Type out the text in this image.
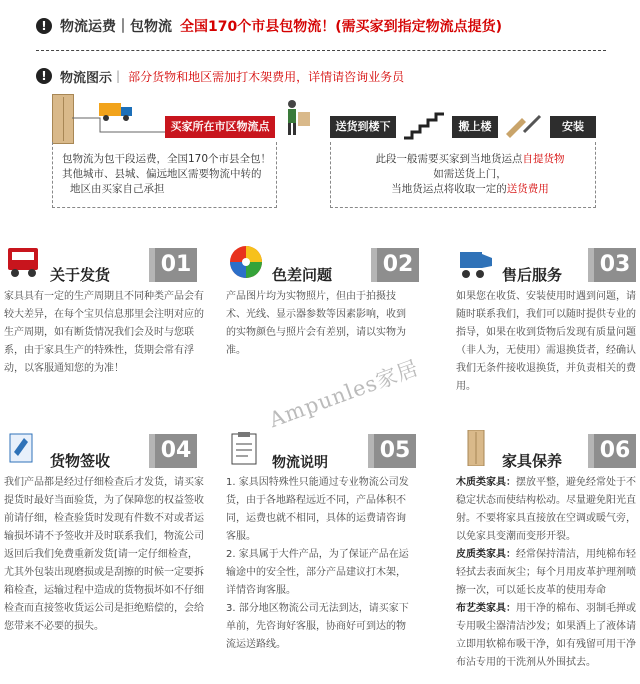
! 物流运费｜包物流 全国170个市县包物流！(需买家到指定物流点提货)
!	物流图示 | 部分货物和地区需加打木架费用，详情请咨询业务员
买家所在市区物流点	送货到楼下	搬上楼	安装
包物流为包干段运费，全国170个市县全包！
其他城市、县城、偏远地区需要物流中转的
地区由买家自己承担
此段一般需要买家到当地货运点自提货物
如需送货上门，
当地货运点将收取一定的送货费用
关于发货 01
家具具有一定的生产周期且不同种类产品会有较大差异，在每个宝贝信息那里会注明对应的生产周期，如有断货情况我们会及时与您联系，由于家具生产的特殊性，货期会常有浮动，以客服通知您的为准！
色差问题 02
产品图片均为实物照片，但由于拍摄技术、光线、显示器参数等因素影响，收到的实物颜色与照片会有差别，请以实物为准。
售后服务 03
如果您在收货、安装使用时遇到问题，请随时联系我们，我们可以随时提供专业的指导，如果在收到货物后发现有质量问题（非人为，无使用）需退换货者，经确认我们无条件接收退换货，并负责相关的费用。
货物签收 04
我们产品都是经过仔细检查后才发货，请买家提货时最好当面验货，为了保障您的权益签收前请仔细，检查验货时发现有件数不对或者运输损坏请不予签收并及时联系我们，物流公司返回后我们免费重新发货[请一定仔细检查，尤其外包装出现磨损或是刮擦的时候一定要拆箱检查，运输过程中造成的货物损坏如不仔细检查而直接签收货运公司是拒绝赔偿的，会给您带来不必要的损失。
物流说明 05
1. 家具因特殊性只能通过专业物流公司发货，由于各地路程远近不同，产品体积不同，运费也就不相同，具体的运费请咨询客服。
2. 家具属于大件产品，为了保证产品在运输途中的安全性，部分产品建议打木架，详情咨询客服。
3. 部分地区物流公司无法到达，请买家下单前，先咨询好客服，协商好可到达的物流运送路线。
家具保养 06
木质类家具：摆放平整，避免经常处于不稳定状态而使结构松动。尽量避免阳光直射。不要将家具直接放在空调或暖气旁，以免家具变潮而变形开裂。
皮质类家具：经常保持清洁，用纯棉布轻轻拭去表面灰尘；每个月用皮革护理剂喷擦一次，可以延长皮革的使用寿命
布艺类家具：用干净的棉布、羽制毛掸或专用吸尘器清洁沙发；如果洒上了液体请立即用软棉布吸干净，如有残留可用干净布沾专用的干洗剂从外围拭去。
Ampunles家居
